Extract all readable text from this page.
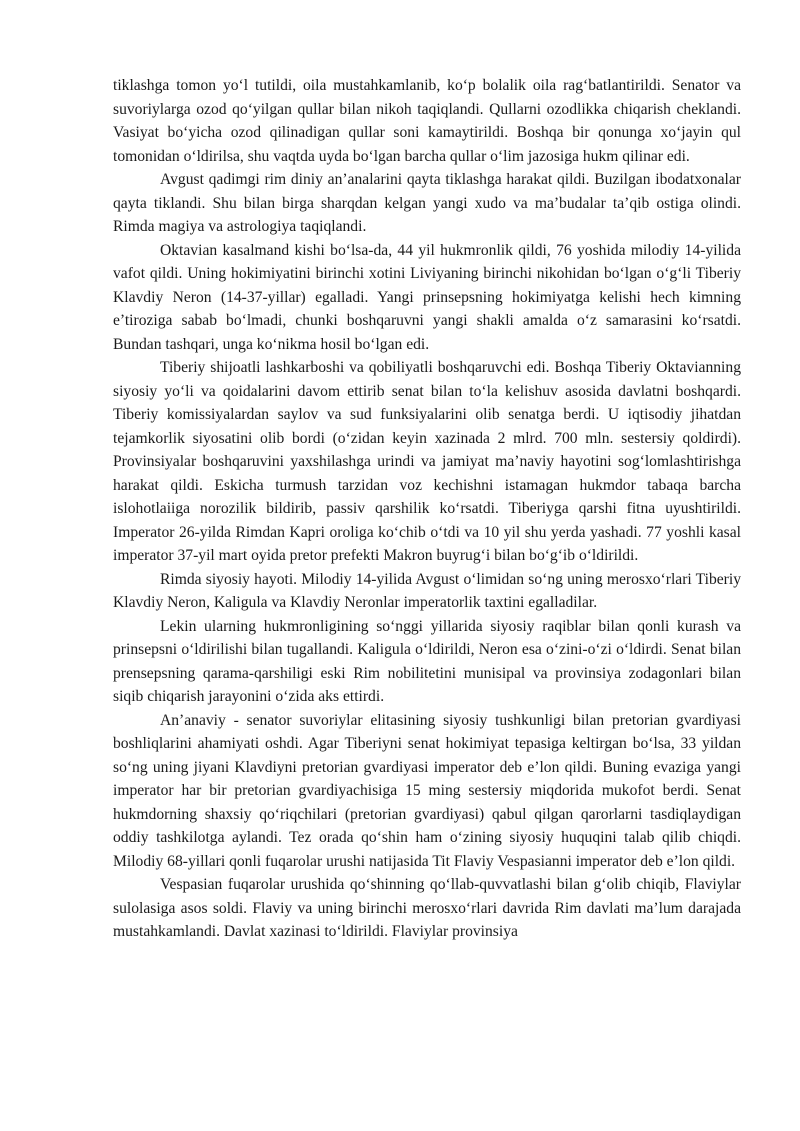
tiklashga tomon yoʻl tutildi, oila mustahkamlanib, koʻp bolalik oila ragʻbatlantirildi. Senator va suvoriylarga ozod qoʻyilgan qullar bilan nikoh taqiqlandi. Qullarni ozodlikka chiqarish cheklandi. Vasiyat boʻyicha ozod qilinadigan qullar soni kamaytirildi. Boshqa bir qonunga xoʻjayin qul tomonidan oʻldirilsa, shu vaqtda uyda boʻlgan barcha qullar oʻlim jazosiga hukm qilinar edi.

Avgust qadimgi rim diniy an’analarini qayta tiklashga harakat qildi. Buzilgan ibodatxonalar qayta tiklandi. Shu bilan birga sharqdan kelgan yangi xudo va ma’budalar ta’qib ostiga olindi. Rimda magiya va astrologiya taqiqlandi.

Oktavian kasalmand kishi boʻlsa-da, 44 yil hukmronlik qildi, 76 yoshida milodiy 14-yilida vafot qildi. Uning hokimiyatini birinchi xotini Liviyaning birinchi nikohidan boʻlgan oʻgʻli Tiberiy Klavdiy Neron (14-37-yillar) egalladi. Yangi prinsepsning hokimiyatga kelishi hech kimning e’tiroziga sabab boʻlmadi, chunki boshqaruvni yangi shakli amalda oʻz samarasini koʻrsatdi. Bundan tashqari, unga koʻnikma hosil boʻlgan edi.

Tiberiy shijoatli lashkarboshi va qobiliyatli boshqaruvchi edi. Boshqa Tiberiy Oktavianning siyosiy yoʻli va qoidalarini davom ettirib senat bilan toʻla kelishuv asosida davlatni boshqardi. Tiberiy komissiyalardan saylov va sud funksiyalarini olib senatga berdi. U iqtisodiy jihatdan tejamkorlik siyosatini olib bordi (oʻzidan keyin xazinada 2 mlrd. 700 mln. sestersiy qoldirdi). Provinsiyalar boshqaruvini yaxshilashga urindi va jamiyat ma’naviy hayotini sogʻlomlashtirishga harakat qildi. Eskicha turmush tarzidan voz kechishni istamagan hukmdor tabaqa barcha islohotlaiiga norozilik bildirib, passiv qarshilik koʻrsatdi. Tiberiyga qarshi fitna uyushtirildi. Imperator 26-yilda Rimdan Kapri oroliga koʻchib oʻtdi va 10 yil shu yerda yashadi. 77 yoshli kasal imperator 37-yil mart oyida pretor prefekti Makron buyrugʻi bilan boʻgʻib oʻldirildi.

Rimda siyosiy hayoti. Milodiy 14-yilida Avgust oʻlimidan soʻng uning merosxoʻrlari Tiberiy Klavdiy Neron, Kaligula va Klavdiy Neronlar imperatorlik taxtini egalladilar.

Lekin ularning hukmronligining soʻnggi yillarida siyosiy raqiblar bilan qonli kurash va prinsepsni oʻldirilishi bilan tugallandi. Kaligula oʻldirildi, Neron esa oʻzini-oʻzi oʻldirdi. Senat bilan prensepsning qarama-qarshiligi eski Rim nobilitetini munisipal va provinsiya zodagonlari bilan siqib chiqarish jarayonini oʻzida aks ettirdi.

An’anaviy - senator suvoriylar elitasining siyosiy tushkunligi bilan pretorian gvardiyasi boshliqlarini ahamiyati oshdi. Agar Tiberiyni senat hokimiyat tepasiga keltirgan boʻlsa, 33 yildan soʻng uning jiyani Klavdiyni pretorian gvardiyasi imperator deb e’lon qildi. Buning evaziga yangi imperator har bir pretorian gvardiyachisiga 15 ming sestersiy miqdorida mukofot berdi. Senat hukmdorning shaxsiy qoʻriqchilari (pretorian gvardiyasi) qabul qilgan qarorlarni tasdiqlaydigan oddiy tashkilotga aylandi. Tez orada qoʻshin ham oʻzining siyosiy huquqini talab qilib chiqdi. Milodiy 68-yillari qonli fuqarolar urushi natijasida Tit Flaviy Vespasianni imperator deb e’lon qildi.

Vespasian fuqarolar urushida qoʻshinning qoʻllab-quvvatlashi bilan gʻolib chiqib, Flaviylar sulolasiga asos soldi. Flaviy va uning birinchi merosxoʻrlari davrida Rim davlati ma’lum darajada mustahkamlandi. Davlat xazinasi toʻldirildi. Flaviylar provinsiya
